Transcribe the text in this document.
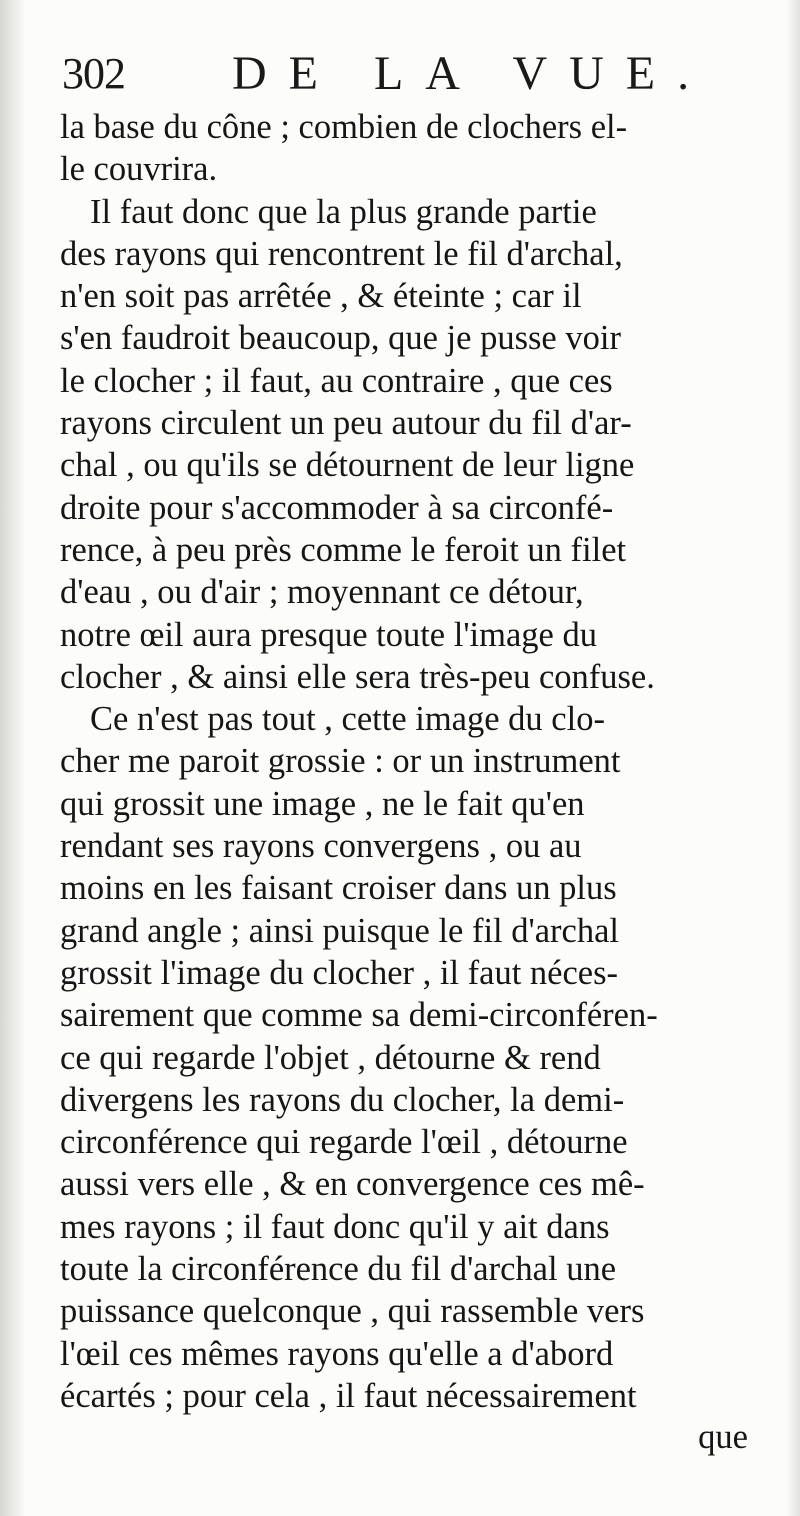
302 DE LA VUE.
la base du cône ; combien de clochers el-
le couvrira.
Il faut donc que la plus grande partie
des rayons qui rencontrent le fil d'archal,
n'en soit pas arrêtée , & éteinte ; car il
s'en faudroit beaucoup, que je pusse voir
le clocher ; il faut, au contraire , que ces
rayons circulent un peu autour du fil d'ar-
chal , ou qu'ils se détournent de leur ligne
droite pour s'accommoder à sa circonfé-
rence, à peu près comme le feroit un filet
d'eau , ou d'air ; moyennant ce détour,
notre œil aura presque toute l'image du
clocher , & ainsi elle sera très-peu confuse.
Ce n'est pas tout , cette image du clo-
cher me paroit grossie : or un instrument
qui grossit une image , ne le fait qu'en
rendant ses rayons convergens , ou au
moins en les faisant croiser dans un plus
grand angle ; ainsi puisque le fil d'archal
grossit l'image du clocher , il faut néces-
sairement que comme sa demi-circonféren-
ce qui regarde l'objet , détourne & rend
divergens les rayons du clocher, la demi-
circonférence qui regarde l'œil , détourne
aussi vers elle , & en convergence ces mê-
mes rayons ; il faut donc qu'il y ait dans
toute la circonférence du fil d'archal une
puissance quelconque , qui rassemble vers
l'œil ces mêmes rayons qu'elle a d'abord
écartés ; pour cela , il faut nécessairement
que
